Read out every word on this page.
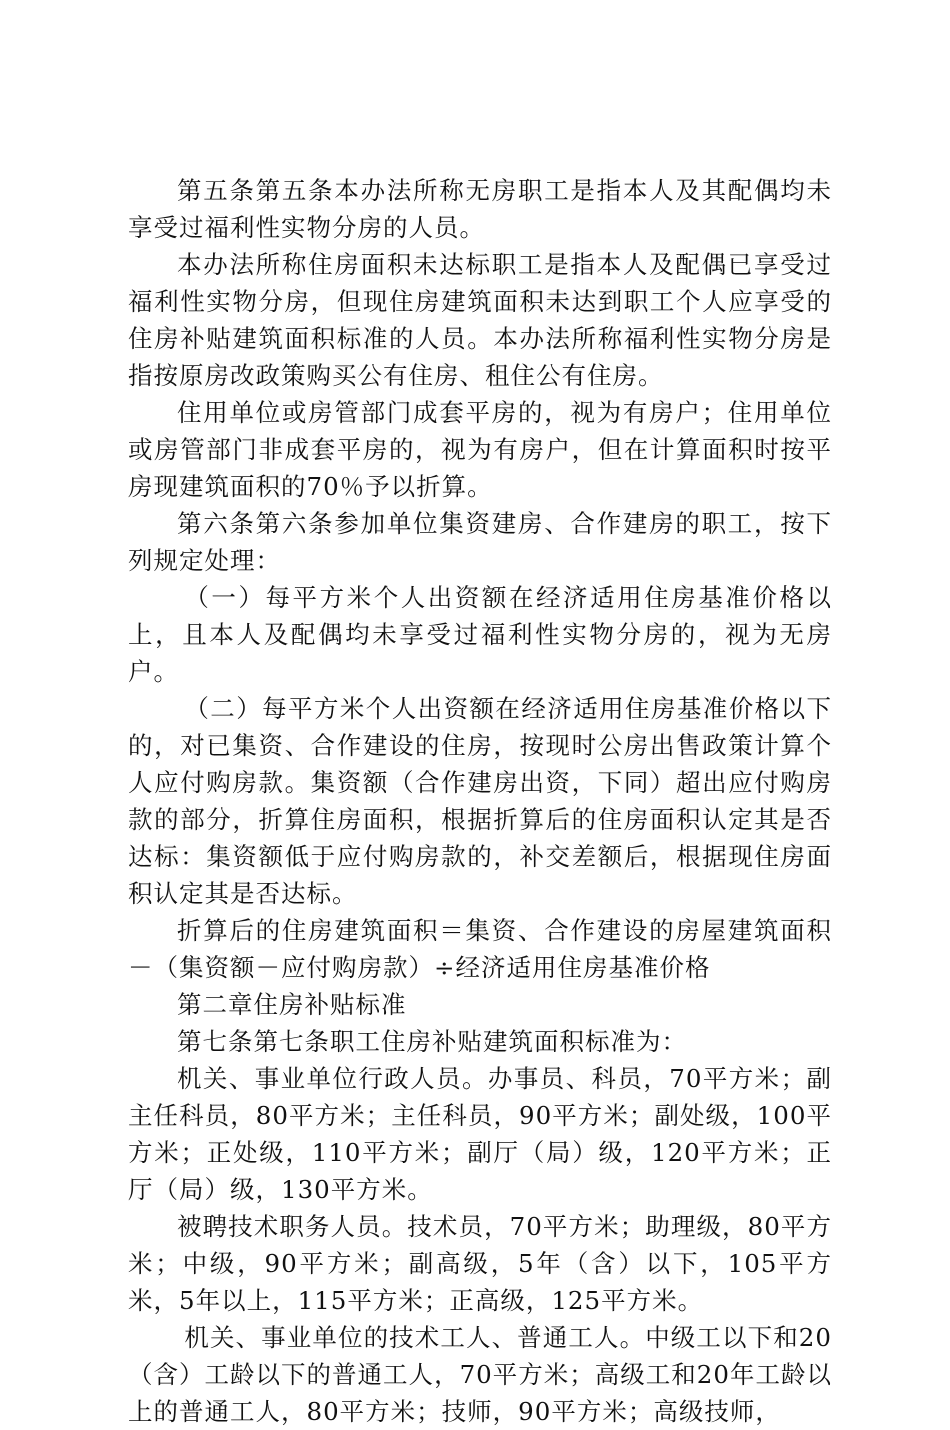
第五条第五条本办法所称无房职工是指本人及其配偶均未享受过福利性实物分房的人员。

本办法所称住房面积未达标职工是指本人及配偶已享受过福利性实物分房，但现住房建筑面积未达到职工个人应享受的住房补贴建筑面积标准的人员。本办法所称福利性实物分房是指按原房改政策购买公有住房、租住公有住房。

住用单位或房管部门成套平房的，视为有房户；住用单位或房管部门非成套平房的，视为有房户，但在计算面积时按平房现建筑面积的70％予以折算。

第六条第六条参加单位集资建房、合作建房的职工，按下列规定处理：

（一）每平方米个人出资额在经济适用住房基准价格以上，且本人及配偶均未享受过福利性实物分房的，视为无房户。

（二）每平方米个人出资额在经济适用住房基准价格以下的，对已集资、合作建设的住房，按现时公房出售政策计算个人应付购房款。集资额（合作建房出资，下同）超出应付购房款的部分，折算住房面积，根据折算后的住房面积认定其是否达标：集资额低于应付购房款的，补交差额后，根据现住房面积认定其是否达标。

折算后的住房建筑面积＝集资、合作建设的房屋建筑面积－（集资额－应付购房款）÷经济适用住房基准价格

第二章住房补贴标准

第七条第七条职工住房补贴建筑面积标准为：

机关、事业单位行政人员。办事员、科员，70平方米；副主任科员，80平方米；主任科员，90平方米；副处级，100平方米；正处级，110平方米；副厅（局）级，120平方米；正厅（局）级，130平方米。

被聘技术职务人员。技术员，70平方米；助理级，80平方米；中级，90平方米；副高级，5年（含）以下，105平方米，5年以上，115平方米；正高级，125平方米。

机关、事业单位的技术工人、普通工人。中级工以下和20（含）工龄以下的普通工人，70平方米；高级工和20年工龄以上的普通工人，80平方米；技师，90平方米；高级技师，
